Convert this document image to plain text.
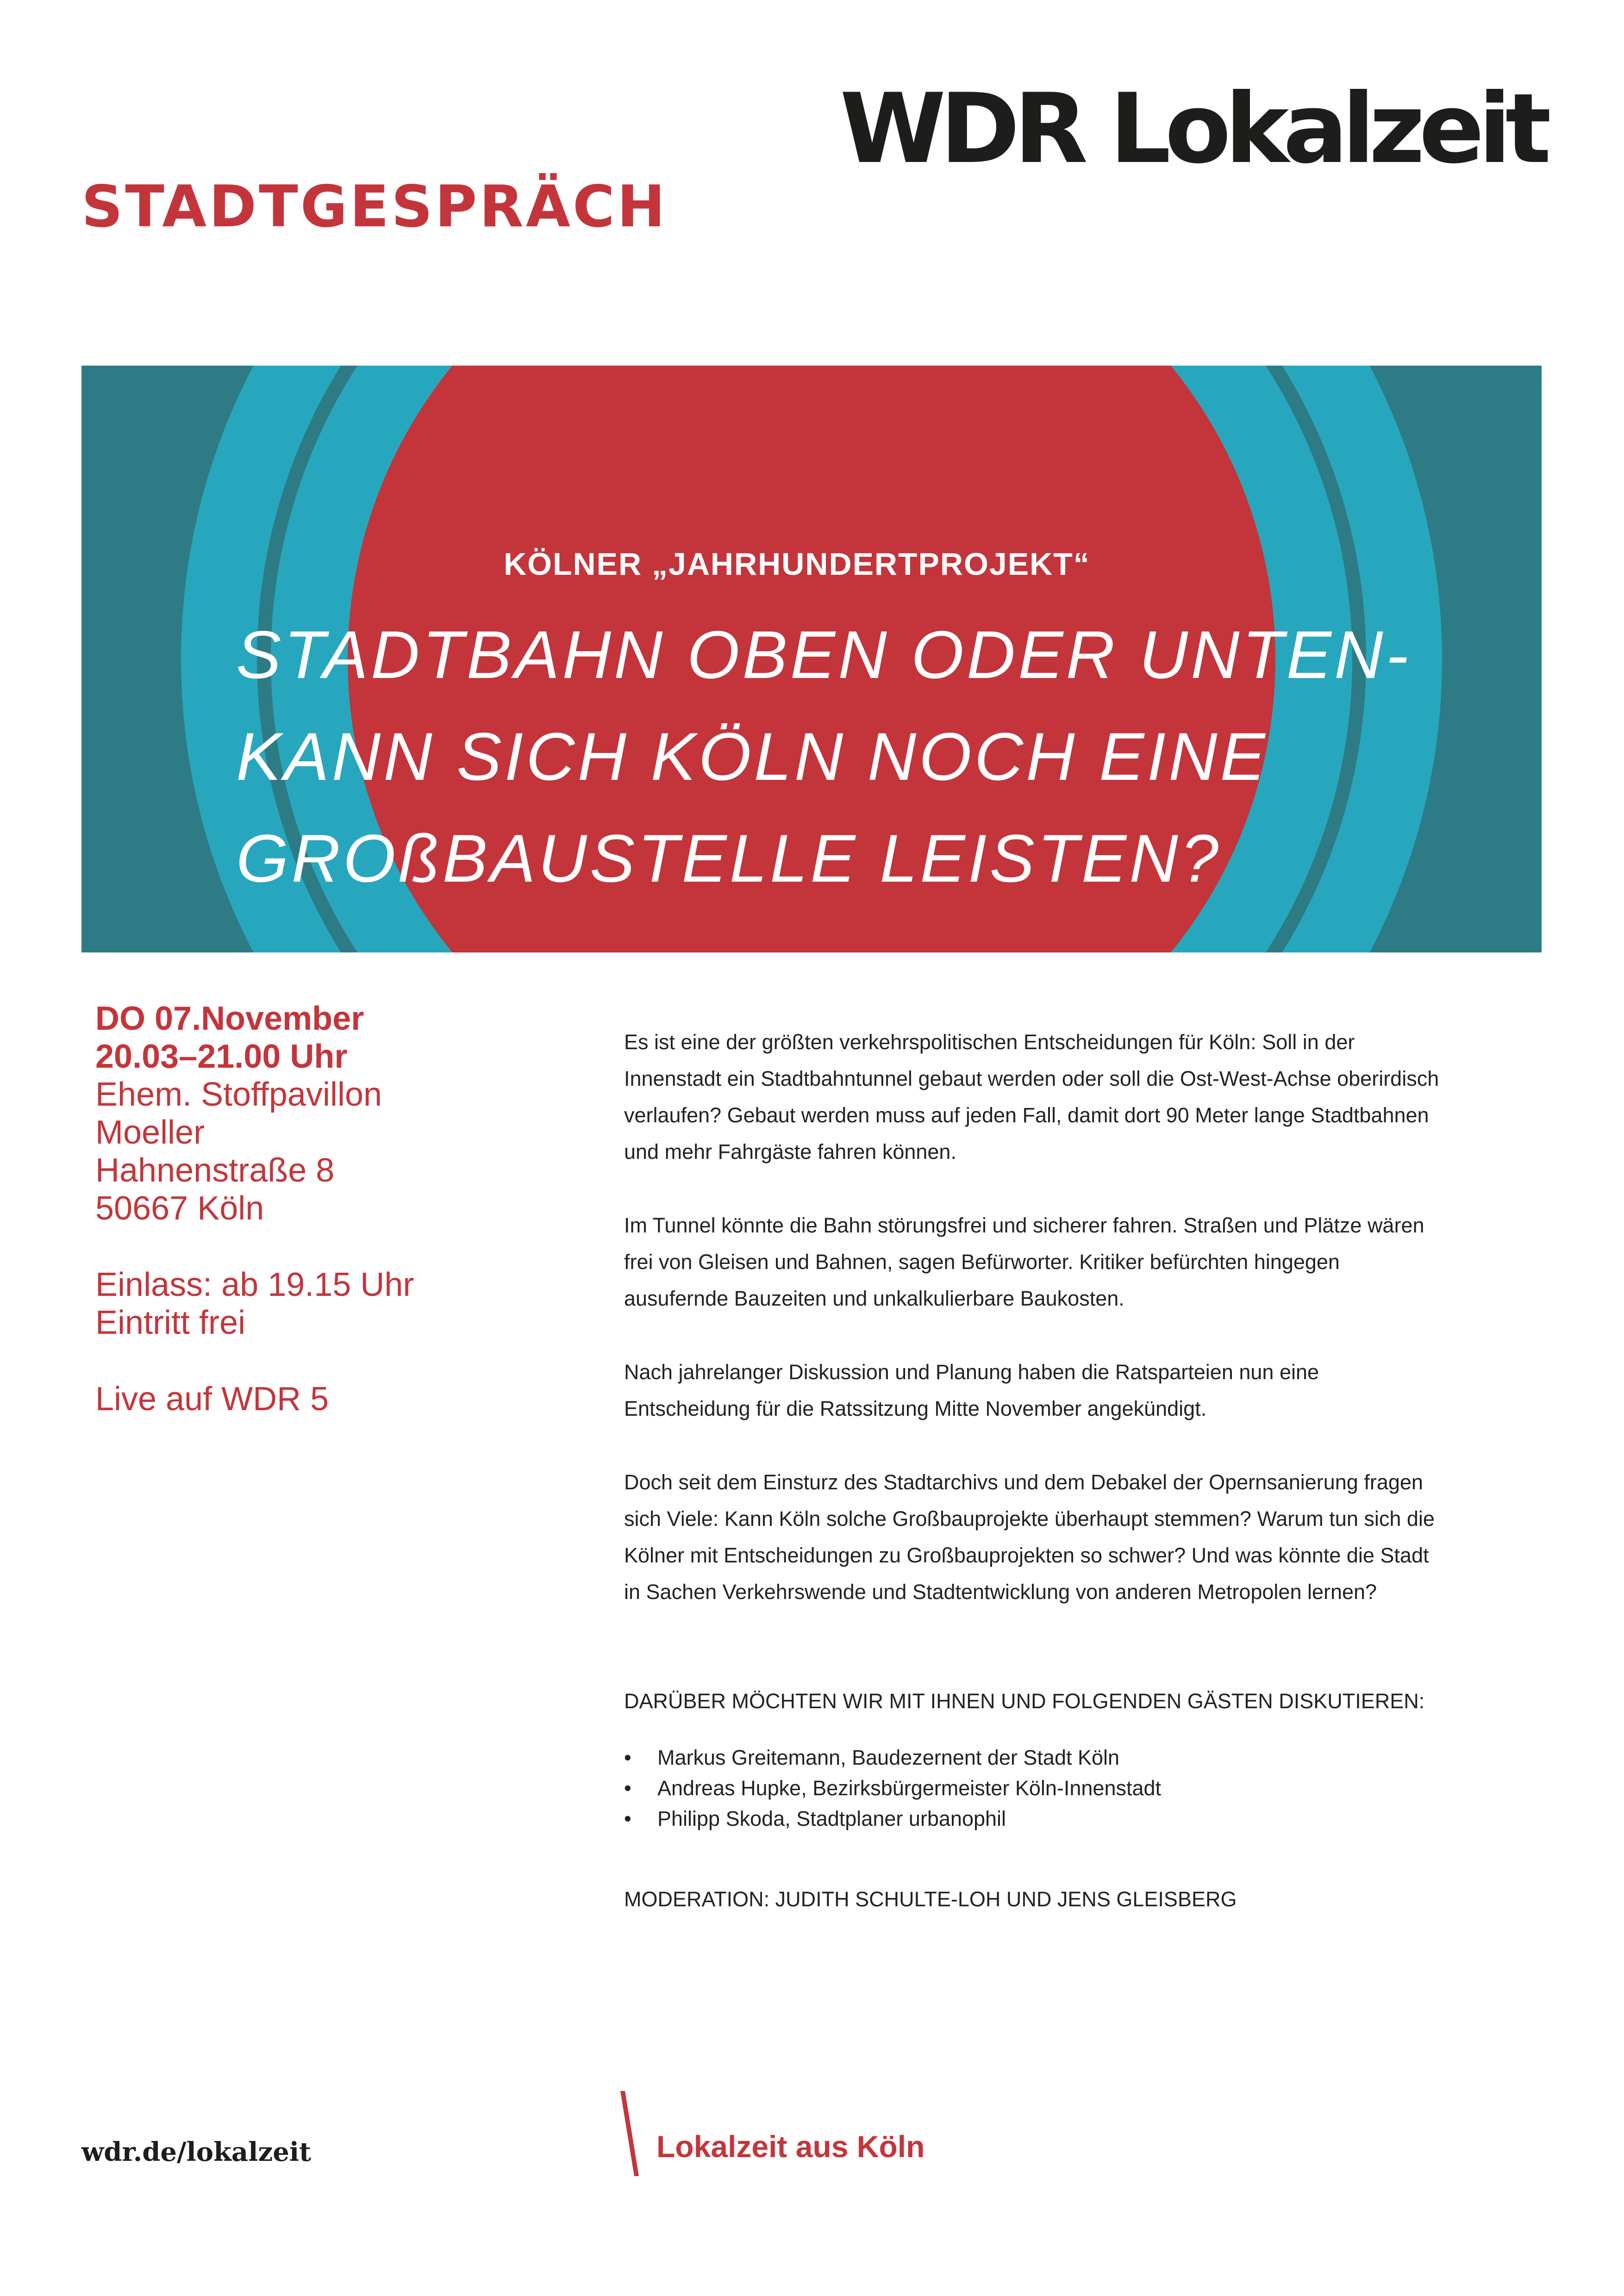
WDR Lokalzeit
STADTGESPRÄCH

KÖLNER „JAHRHUNDERTPROJEKT“

STADTBAHN OBEN ODER UNTEN-
KANN SICH KÖLN NOCH EINE
GROßBAUSTELLE LEISTEN?
DO 07.November
20.03–21.00 Uhr
Ehem. Stoffpavillon
Moeller
Hahnenstraße 8
50667 Köln
Einlass: ab 19.15 Uhr
Eintritt frei
Live auf WDR 5

Es ist eine der größten verkehrspolitischen Entscheidungen für Köln: Soll in der
Innenstadt ein Stadtbahntunnel gebaut werden oder soll die Ost-West-Achse oberirdisch
verlaufen? Gebaut werden muss auf jeden Fall, damit dort 90 Meter lange Stadtbahnen
und mehr Fahrgäste fahren können.

Im Tunnel könnte die Bahn störungsfrei und sicherer fahren. Straßen und Plätze wären
frei von Gleisen und Bahnen, sagen Befürworter. Kritiker befürchten hingegen
ausufernde Bauzeiten und unkalkulierbare Baukosten.

Nach jahrelanger Diskussion und Planung haben die Ratsparteien nun eine
Entscheidung für die Ratssitzung Mitte November angekündigt.

Doch seit dem Einsturz des Stadtarchivs und dem Debakel der Opernsanierung fragen
sich Viele: Kann Köln solche Großbauprojekte überhaupt stemmen? Warum tun sich die
Kölner mit Entscheidungen zu Großbauprojekten so schwer? Und was könnte die Stadt
in Sachen Verkehrswende und Stadtentwicklung von anderen Metropolen lernen?

DARÜBER MÖCHTEN WIR MIT IHNEN UND FOLGENDEN GÄSTEN DISKUTIEREN:
• Markus Greitemann, Baudezernent der Stadt Köln
• Andreas Hupke, Bezirksbürgermeister Köln-Innenstadt
• Philipp Skoda, Stadtplaner urbanophil
MODERATION: JUDITH SCHULTE-LOH UND JENS GLEISBERG

wdr.de/lokalzeit	Lokalzeit aus Köln
